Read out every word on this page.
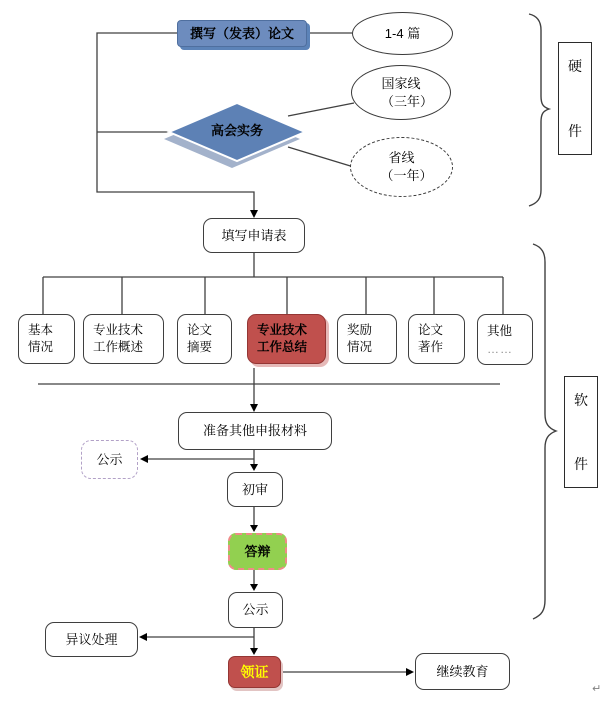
撰写（发表）论文	1-4 篇
国家线
（三年）
省线
（一年）
高会实务
填写申请表
基本
情况
专业技术
工作概述
论文
摘要
专业技术
工作总结
奖励
情况
论文
著作
其他
……
准备其他申报材料
公示
初审
答辩
公示
异议处理
领证	继续教育
硬
件
软
件
↵
